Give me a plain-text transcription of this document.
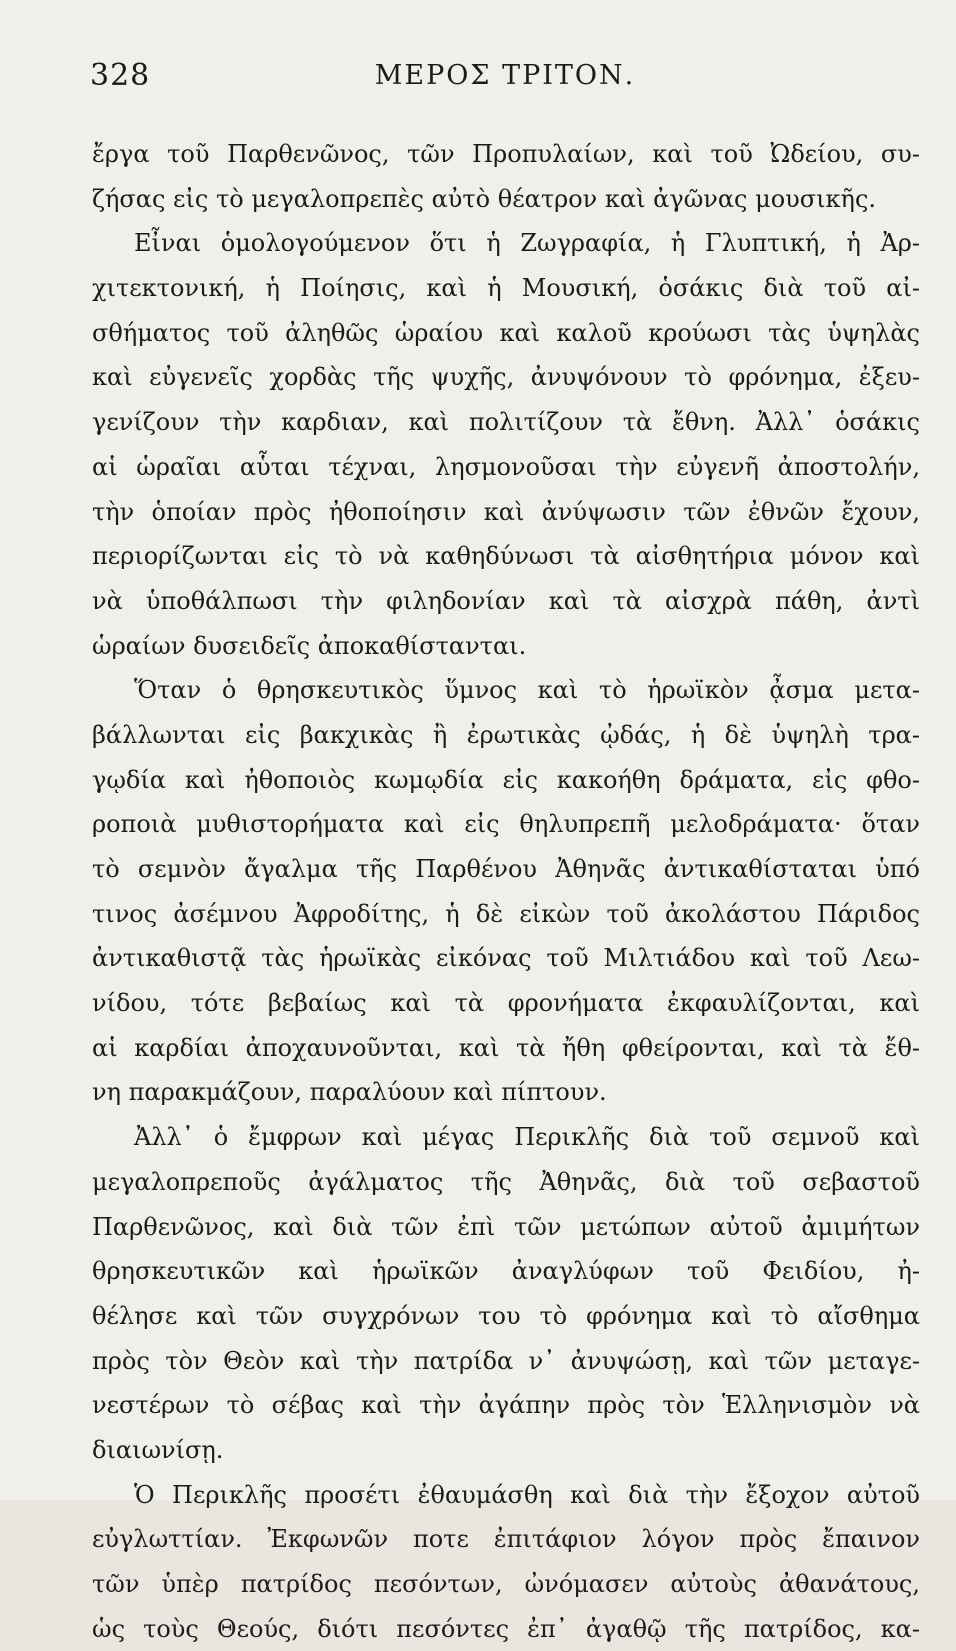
328	ΜΕΡΟΣ ΤΡΙΤΟΝ.
ἔργα τοῦ Παρθενῶνος, τῶν Προπυλαίων, καὶ τοῦ Ὠδείου, συ-
ζήσας εἰς τὸ μεγαλοπρεπὲς αὐτὸ θέατρον καὶ ἀγῶνας μουσικῆς.
Εἶναι ὁμολογούμενον ὅτι ἡ Ζωγραφία, ἡ Γλυπτική, ἡ Ἀρ-
χιτεκτονική, ἡ Ποίησις, καὶ ἡ Μουσική, ὁσάκις διὰ τοῦ αἰ-
σθήματος τοῦ ἀληθῶς ὡραίου καὶ καλοῦ κρούωσι τὰς ὑψηλὰς
καὶ εὐγενεῖς χορδὰς τῆς ψυχῆς, ἀνυψόνουν τὸ φρόνημα, ἐξευ-
γενίζουν τὴν καρδιαν, καὶ πολιτίζουν τὰ ἔθνη. Ἀλλ᾽ ὁσάκις
αἱ ὡραῖαι αὗται τέχναι, λησμονοῦσαι τὴν εὐγενῆ ἀποστολήν,
τὴν ὁποίαν πρὸς ἠθοποίησιν καὶ ἀνύψωσιν τῶν ἐθνῶν ἔχουν,
περιορίζωνται εἰς τὸ νὰ καθηδύνωσι τὰ αἰσθητήρια μόνον καὶ
νὰ ὑποθάλπωσι τὴν φιληδονίαν καὶ τὰ αἰσχρὰ πάθη, ἀντὶ
ὡραίων δυσειδεῖς ἀποκαθίστανται.
Ὅταν ὁ θρησκευτικὸς ὕμνος καὶ τὸ ἡρωϊκὸν ᾆσμα μετα-
βάλλωνται εἰς βακχικὰς ἢ ἐρωτικὰς ᾠδάς, ἡ δὲ ὑψηλὴ τρα-
γῳδία καὶ ἠθοποιὸς κωμῳδία εἰς κακοήθη δράματα, εἰς φθο-
ροποιὰ μυθιστορήματα καὶ εἰς θηλυπρεπῆ μελοδράματα· ὅταν
τὸ σεμνὸν ἄγαλμα τῆς Παρθένου Ἀθηνᾶς ἀντικαθίσταται ὑπό
τινος ἀσέμνου Ἀφροδίτης, ἡ δὲ εἰκὼν τοῦ ἀκολάστου Πάριδος
ἀντικαθιστᾷ τὰς ἡρωϊκὰς εἰκόνας τοῦ Μιλτιάδου καὶ τοῦ Λεω-
νίδου, τότε βεβαίως καὶ τὰ φρονήματα ἐκφαυλίζονται, καὶ
αἱ καρδίαι ἀποχαυνοῦνται, καὶ τὰ ἤθη φθείρονται, καὶ τὰ ἔθ-
νη παρακμάζουν, παραλύουν καὶ πίπτουν.
Ἀλλ᾽ ὁ ἔμφρων καὶ μέγας Περικλῆς διὰ τοῦ σεμνοῦ καὶ
μεγαλοπρεποῦς ἀγάλματος τῆς Ἀθηνᾶς, διὰ τοῦ σεβαστοῦ
Παρθενῶνος, καὶ διὰ τῶν ἐπὶ τῶν μετώπων αὐτοῦ ἀμιμήτων
θρησκευτικῶν καὶ ἡρωϊκῶν ἀναγλύφων τοῦ Φειδίου, ἠ-
θέλησε καὶ τῶν συγχρόνων του τὸ φρόνημα καὶ τὸ αἴσθημα
πρὸς τὸν Θεὸν καὶ τὴν πατρίδα ν᾽ ἀνυψώσῃ, καὶ τῶν μεταγε-
νεστέρων τὸ σέβας καὶ τὴν ἀγάπην πρὸς τὸν Ἑλληνισμὸν νὰ
διαιωνίσῃ.
Ὁ Περικλῆς προσέτι ἐθαυμάσθη καὶ διὰ τὴν ἔξοχον αὐτοῦ
εὐγλωττίαν. Ἐκφωνῶν ποτε ἐπιτάφιον λόγον πρὸς ἔπαινον
τῶν ὑπὲρ πατρίδος πεσόντων, ὠνόμασεν αὐτοὺς ἀθανάτους,
ὡς τοὺς Θεούς, διότι πεσόντες ἐπ᾽ ἀγαθῷ τῆς πατρίδος, κα-
